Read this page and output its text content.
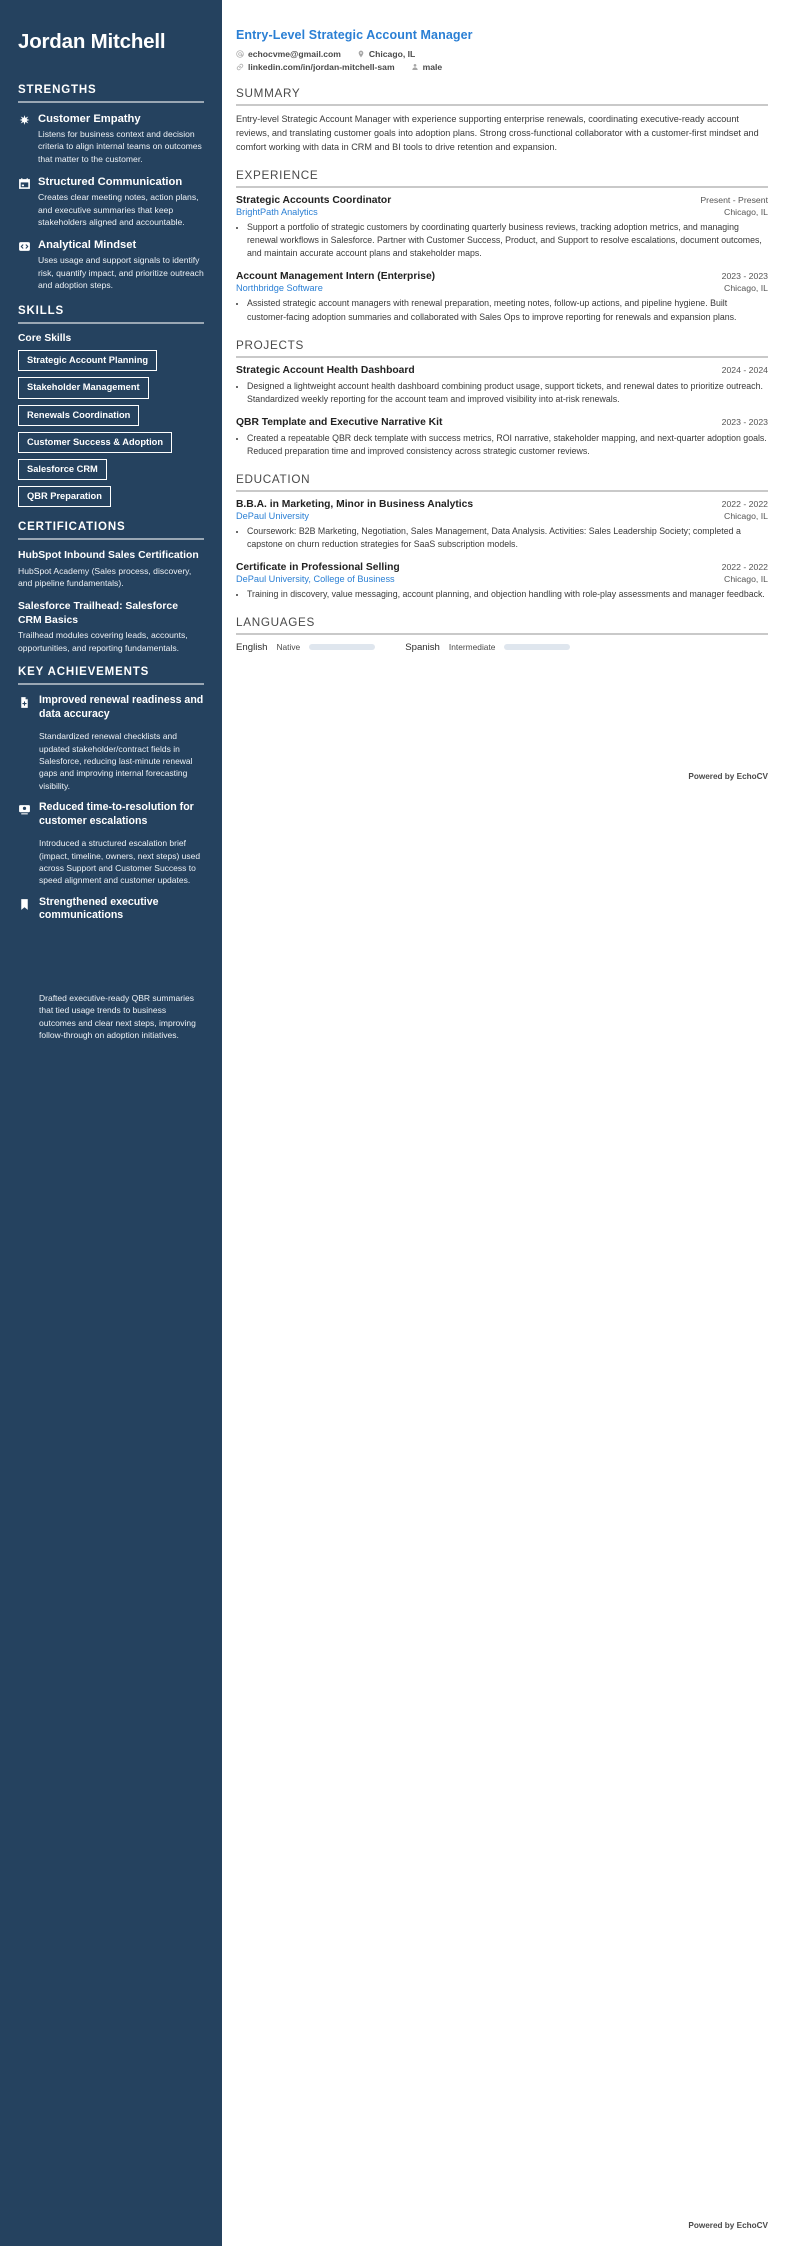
Jordan Mitchell
STRENGTHS
Customer Empathy
Listens for business context and decision criteria to align internal teams on outcomes that matter to the customer.
Structured Communication
Creates clear meeting notes, action plans, and executive summaries that keep stakeholders aligned and accountable.
Analytical Mindset
Uses usage and support signals to identify risk, quantify impact, and prioritize outreach and adoption steps.
SKILLS
Core Skills
Strategic Account Planning
Stakeholder Management
Renewals Coordination
Customer Success & Adoption
Salesforce CRM
QBR Preparation
CERTIFICATIONS
HubSpot Inbound Sales Certification
HubSpot Academy (Sales process, discovery, and pipeline fundamentals).
Salesforce Trailhead: Salesforce CRM Basics
Trailhead modules covering leads, accounts, opportunities, and reporting fundamentals.
KEY ACHIEVEMENTS
Improved renewal readiness and data accuracy
Standardized renewal checklists and updated stakeholder/contract fields in Salesforce, reducing last-minute renewal gaps and improving internal forecasting visibility.
Reduced time-to-resolution for customer escalations
Introduced a structured escalation brief (impact, timeline, owners, next steps) used across Support and Customer Success to speed alignment and customer updates.
Strengthened executive communications
Drafted executive-ready QBR summaries that tied usage trends to business outcomes and clear next steps, improving follow-through on adoption initiatives.
Entry-Level Strategic Account Manager
echocvme@gmail.com	Chicago, IL
linkedin.com/in/jordan-mitchell-sam	male
SUMMARY

Entry-level Strategic Account Manager with experience supporting enterprise renewals, coordinating executive-ready account reviews, and translating customer goals into adoption plans. Strong cross-functional collaborator with a customer-first mindset and comfort working with data in CRM and BI tools to drive retention and expansion.

EXPERIENCE
Strategic Accounts Coordinator	Present - Present
BrightPath Analytics	Chicago, IL
• Support a portfolio of strategic customers by coordinating quarterly business reviews, tracking adoption metrics, and managing renewal workflows in Salesforce. Partner with Customer Success, Product, and Support to resolve escalations, document outcomes, and maintain accurate account plans and stakeholder maps.
Account Management Intern (Enterprise)	2023 - 2023
Northbridge Software	Chicago, IL
• Assisted strategic account managers with renewal preparation, meeting notes, follow-up actions, and pipeline hygiene. Built customer-facing adoption summaries and collaborated with Sales Ops to improve reporting for renewals and expansion plans.
PROJECTS
Strategic Account Health Dashboard	2024 - 2024
• Designed a lightweight account health dashboard combining product usage, support tickets, and renewal dates to prioritize outreach. Standardized weekly reporting for the account team and improved visibility into at-risk renewals.
QBR Template and Executive Narrative Kit	2023 - 2023
• Created a repeatable QBR deck template with success metrics, ROI narrative, stakeholder mapping, and next-quarter adoption goals. Reduced preparation time and improved consistency across strategic customer reviews.
EDUCATION
B.B.A. in Marketing, Minor in Business Analytics	2022 - 2022
DePaul University	Chicago, IL
• Coursework: B2B Marketing, Negotiation, Sales Management, Data Analysis. Activities: Sales Leadership Society; completed a capstone on churn reduction strategies for SaaS subscription models.
Certificate in Professional Selling	2022 - 2022
DePaul University, College of Business	Chicago, IL
• Training in discovery, value messaging, account planning, and objection handling with role-play assessments and manager feedback.
LANGUAGES
English Native	Spanish Intermediate
Powered by EchoCV
Powered by EchoCV
